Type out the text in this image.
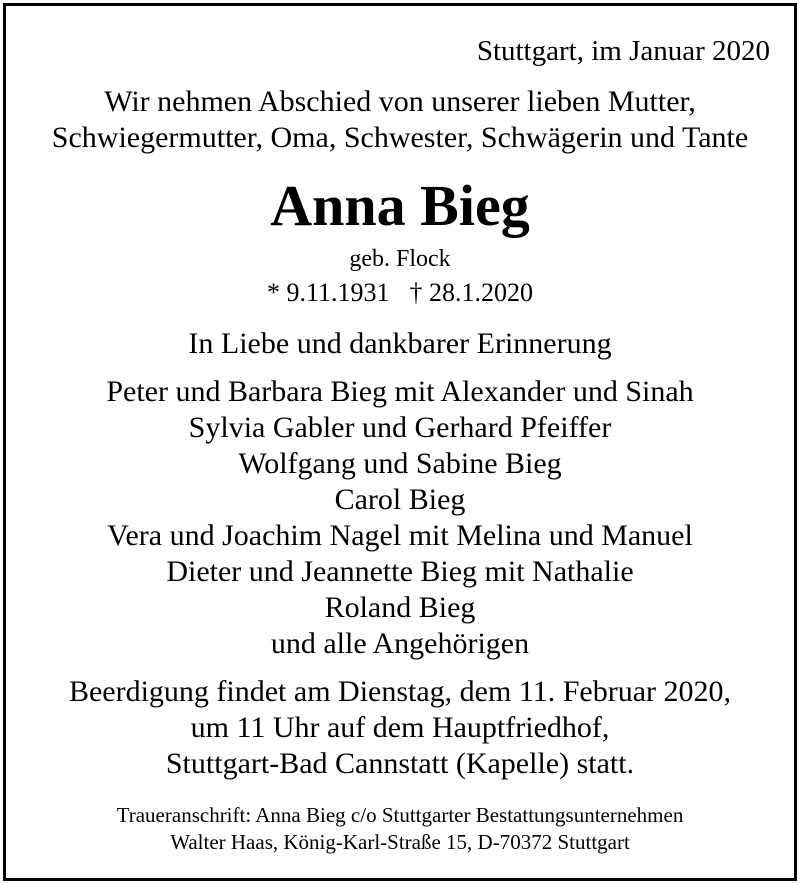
Stuttgart, im Januar 2020
Wir nehmen Abschied von unserer lieben Mutter,
Schwiegermutter, Oma, Schwester, Schwägerin und Tante
Anna Bieg
geb. Flock
* 9.11.1931 † 28.1.2020
In Liebe und dankbarer Erinnerung
Peter und Barbara Bieg mit Alexander und Sinah
Sylvia Gabler und Gerhard Pfeiffer
Wolfgang und Sabine Bieg
Carol Bieg
Vera und Joachim Nagel mit Melina und Manuel
Dieter und Jeannette Bieg mit Nathalie
Roland Bieg
und alle Angehörigen
Beerdigung findet am Dienstag, dem 11. Februar 2020,
um 11 Uhr auf dem Hauptfriedhof,
Stuttgart-Bad Cannstatt (Kapelle) statt.
Traueranschrift: Anna Bieg c/o Stuttgarter Bestattungsunternehmen
Walter Haas, König-Karl-Straße 15, D-70372 Stuttgart
